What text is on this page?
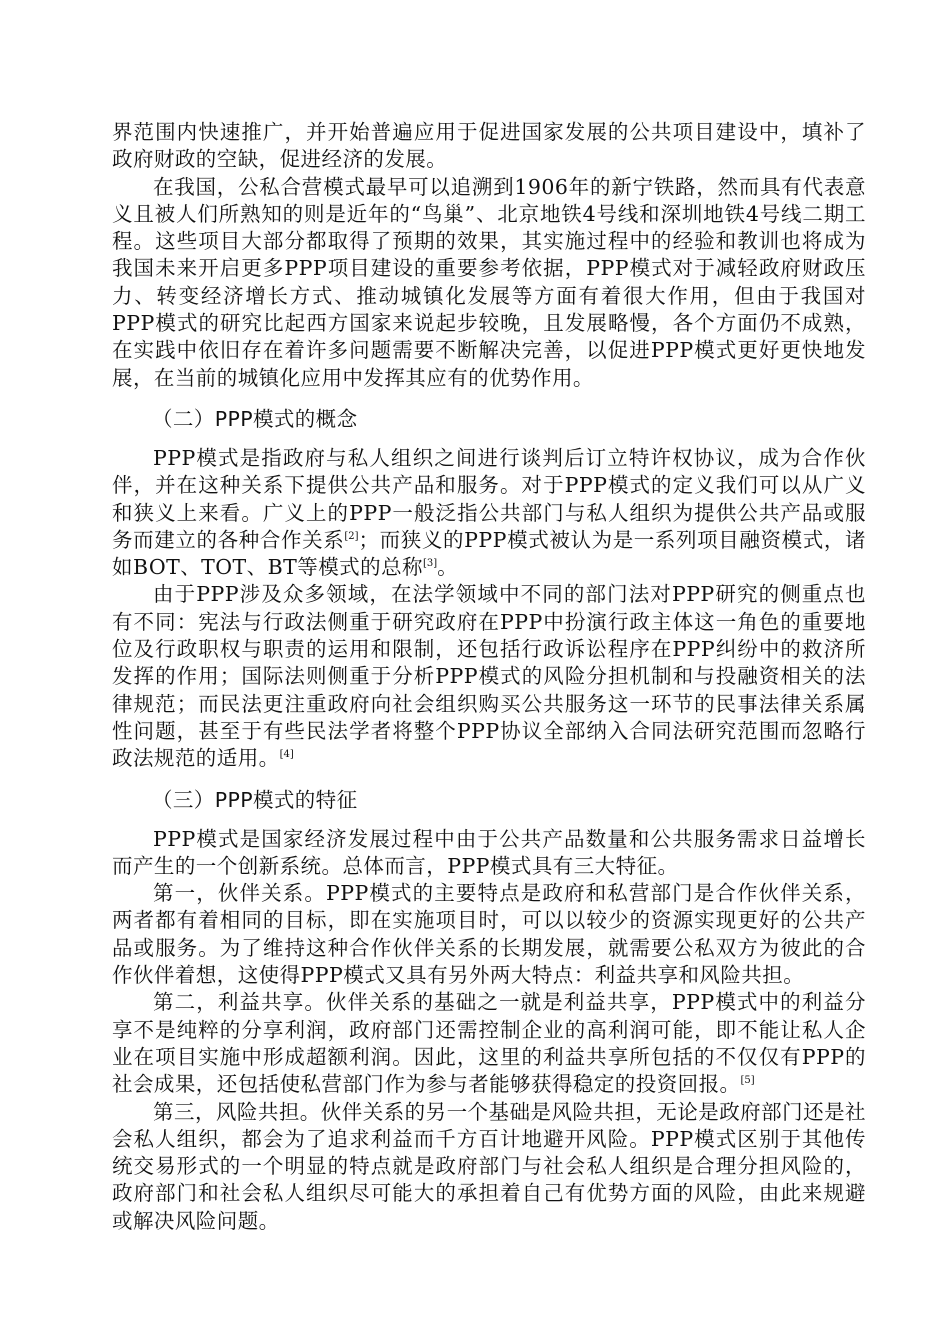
界范围内快速推广，并开始普遍应用于促进国家发展的公共项目建设中，填补了政府财政的空缺，促进经济的发展。

在我国，公私合营模式最早可以追溯到1906年的新宁铁路，然而具有代表意义且被人们所熟知的则是近年的“鸟巢”、北京地铁4号线和深圳地铁4号线二期工程。这些项目大部分都取得了预期的效果，其实施过程中的经验和教训也将成为我国未来开启更多PPP项目建设的重要参考依据，PPP模式对于减轻政府财政压力、转变经济增长方式、推动城镇化发展等方面有着很大作用，但由于我国对PPP模式的研究比起西方国家来说起步较晚，且发展略慢，各个方面仍不成熟，在实践中依旧存在着许多问题需要不断解决完善，以促进PPP模式更好更快地发展，在当前的城镇化应用中发挥其应有的优势作用。

（二）PPP模式的概念

PPP模式是指政府与私人组织之间进行谈判后订立特许权协议，成为合作伙伴，并在这种关系下提供公共产品和服务。对于PPP模式的定义我们可以从广义和狭义上来看。广义上的PPP一般泛指公共部门与私人组织为提供公共产品或服务而建立的各种合作关系[2]；而狭义的PPP模式被认为是一系列项目融资模式，诸如BOT、TOT、BT等模式的总称[3]。

由于PPP涉及众多领域，在法学领域中不同的部门法对PPP研究的侧重点也有不同：宪法与行政法侧重于研究政府在PPP中扮演行政主体这一角色的重要地位及行政职权与职责的运用和限制，还包括行政诉讼程序在PPP纠纷中的救济所发挥的作用；国际法则侧重于分析PPP模式的风险分担机制和与投融资相关的法律规范；而民法更注重政府向社会组织购买公共服务这一环节的民事法律关系属性问题，甚至于有些民法学者将整个PPP协议全部纳入合同法研究范围而忽略行政法规范的适用。[4]

（三）PPP模式的特征

PPP模式是国家经济发展过程中由于公共产品数量和公共服务需求日益增长而产生的一个创新系统。总体而言，PPP模式具有三大特征。

第一，伙伴关系。PPP模式的主要特点是政府和私营部门是合作伙伴关系，两者都有着相同的目标，即在实施项目时，可以以较少的资源实现更好的公共产品或服务。为了维持这种合作伙伴关系的长期发展，就需要公私双方为彼此的合作伙伴着想，这使得PPP模式又具有另外两大特点：利益共享和风险共担。

第二，利益共享。伙伴关系的基础之一就是利益共享，PPP模式中的利益分享不是纯粹的分享利润，政府部门还需控制企业的高利润可能，即不能让私人企业在项目实施中形成超额利润。因此，这里的利益共享所包括的不仅仅有PPP的社会成果，还包括使私营部门作为参与者能够获得稳定的投资回报。[5]

第三，风险共担。伙伴关系的另一个基础是风险共担，无论是政府部门还是社会私人组织，都会为了追求利益而千方百计地避开风险。PPP模式区别于其他传统交易形式的一个明显的特点就是政府部门与社会私人组织是合理分担风险的，政府部门和社会私人组织尽可能大的承担着自己有优势方面的风险，由此来规避或解决风险问题。
